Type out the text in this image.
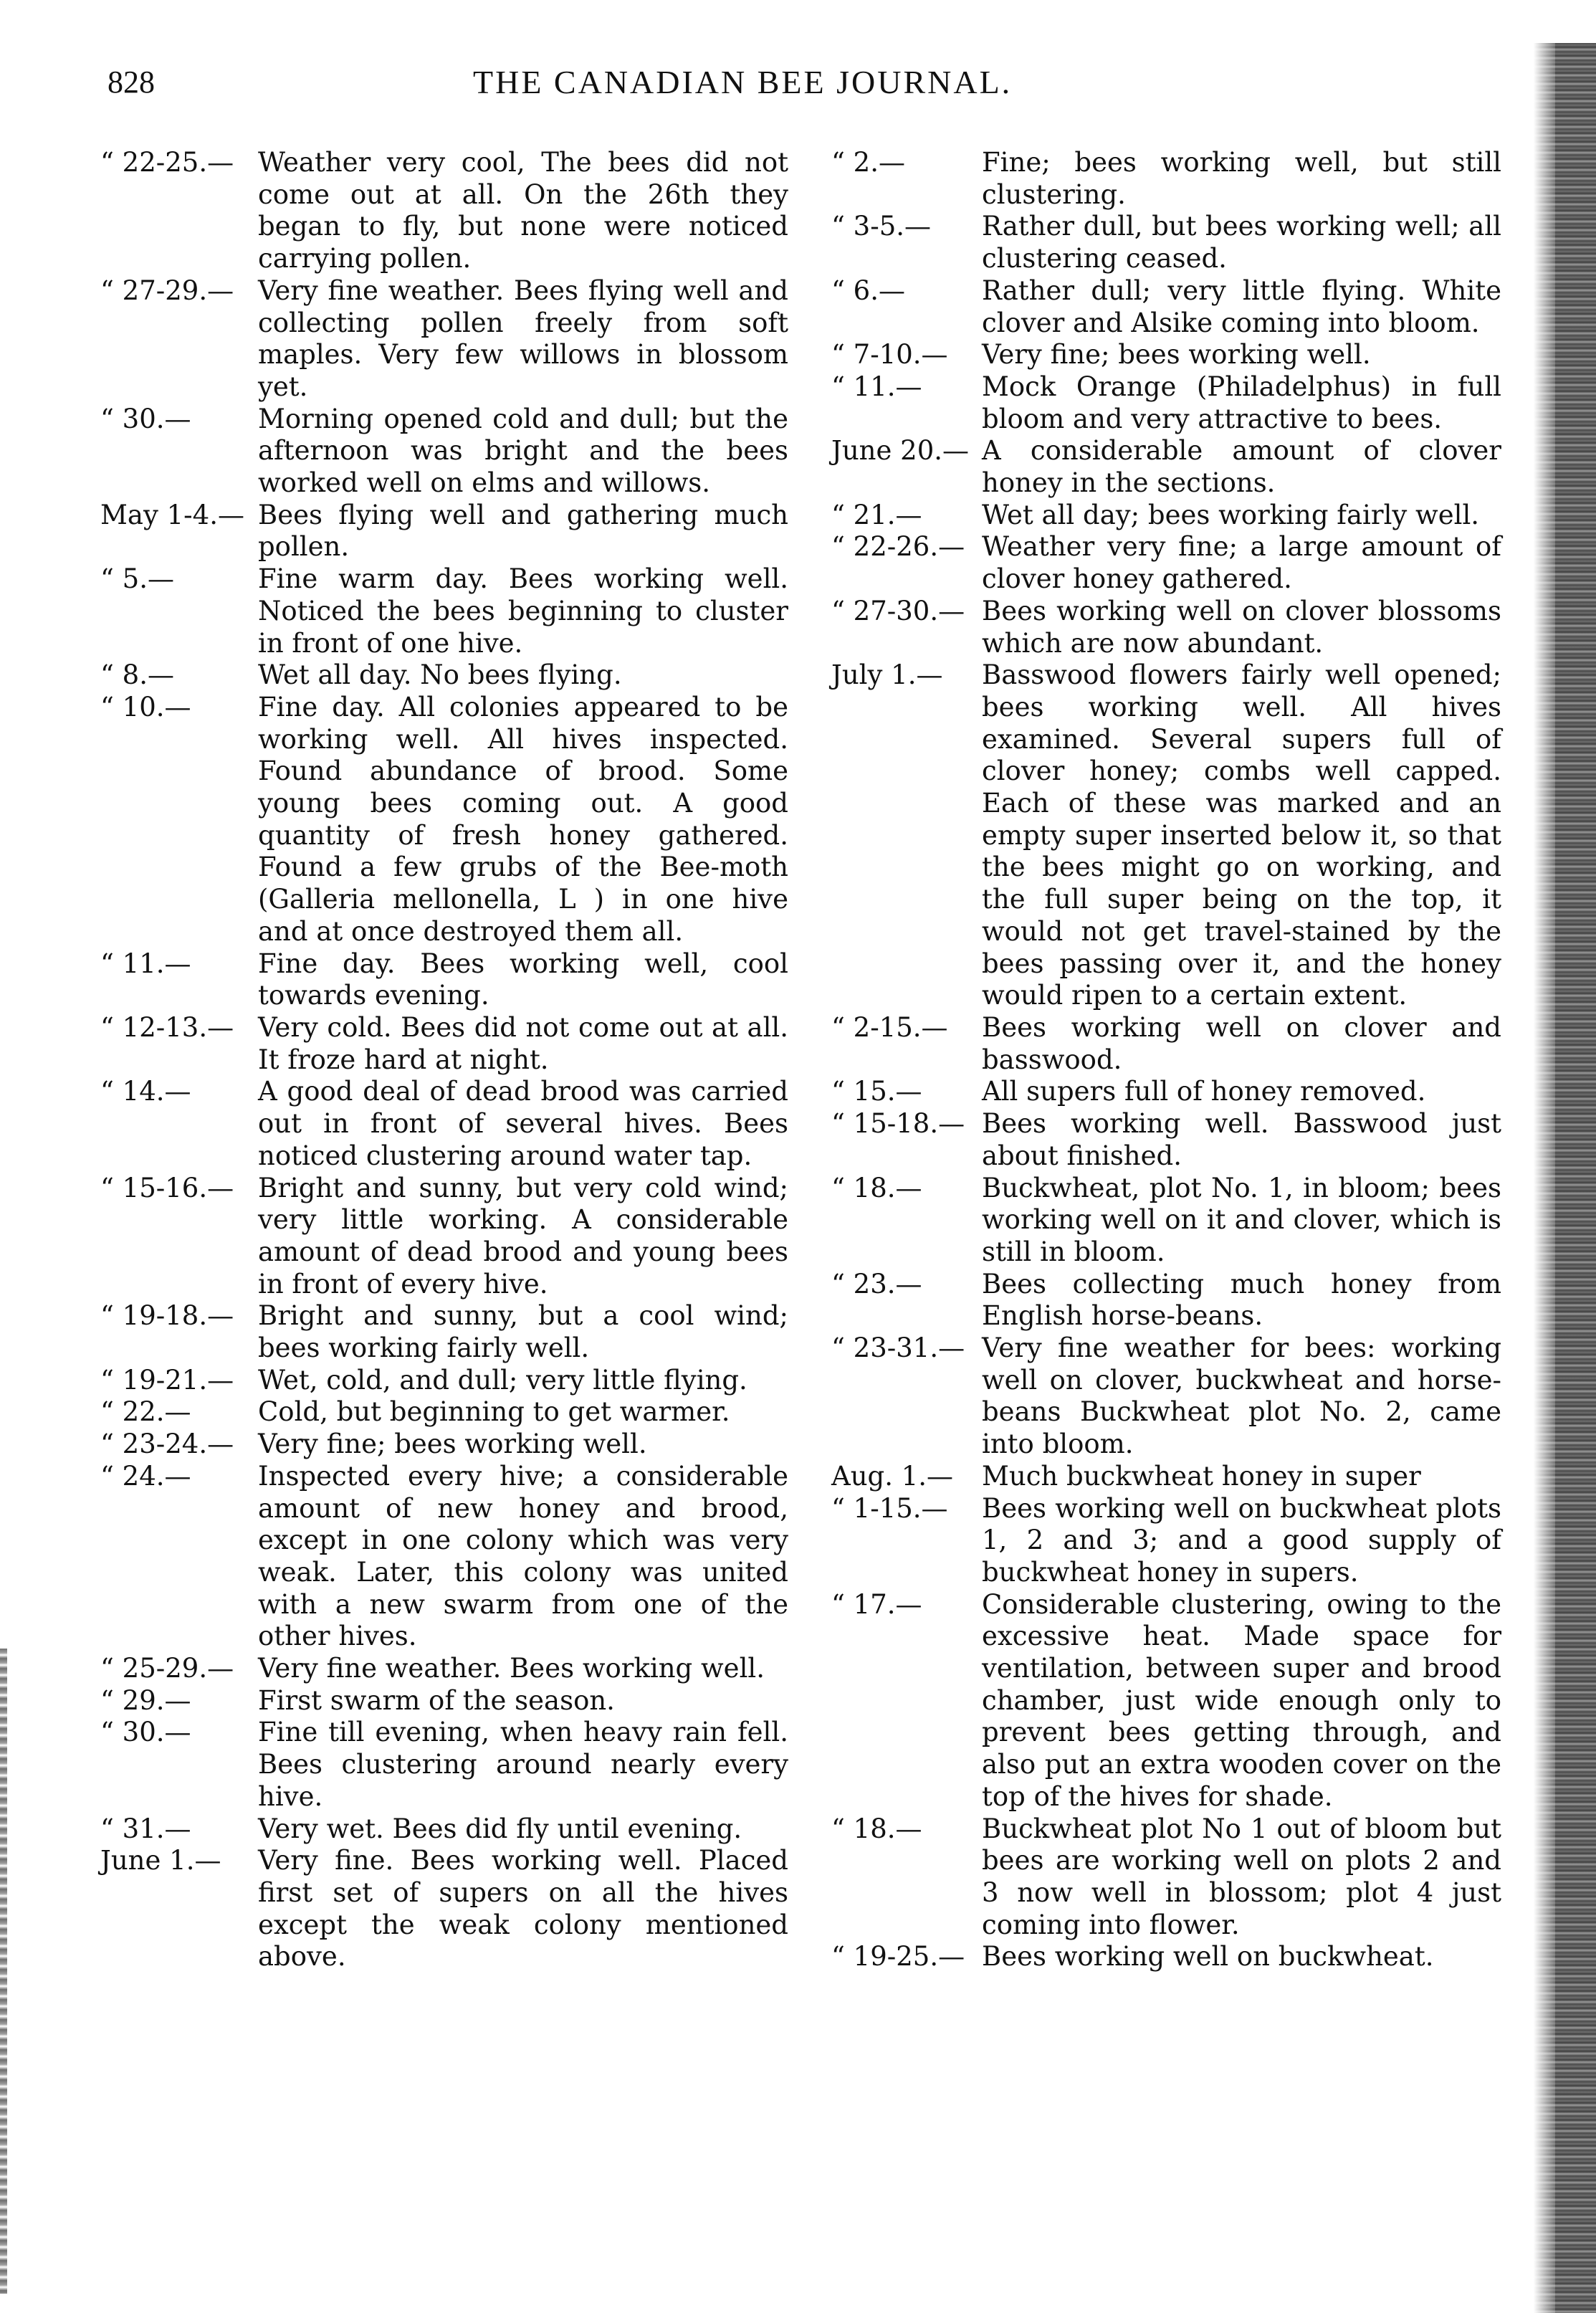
828	THE CANADIAN BEE JOURNAL.

“ 22-25.— Weather very cool, The bees did not come out at all. On the 26th they began to fly, but none were noticed carrying pollen.

“ 27-29.— Very fine weather. Bees flying well and collecting pollen freely from soft maples. Very few willows in blossom yet.

“ 30.—	Morning opened cold and dull; but the afternoon was bright and the bees worked well on elms and willows.

May 1-4.— Bees flying well and gathering much pollen.

“ 5.—	Fine warm day. Bees working well. Noticed the bees beginning to cluster in front of one hive.

“ 8.—	Wet all day. No bees flying.

“ 10.—	Fine day. All colonies appeared to be working well. All hives inspected. Found abundance of brood. Some young bees coming out. A good quantity of fresh honey gathered. Found a few grubs of the Bee-moth (Galleria mellonella, L ) in one hive and at once destroyed them all.

“ 11.—	Fine day. Bees working well, cool towards evening.

“ 12-13.— Very cold. Bees did not come out at all. It froze hard at night.

“ 14.—	A good deal of dead brood was carried out in front of several hives. Bees noticed clustering around water tap.

“ 15-16.— Bright and sunny, but very cold wind; very little working. A considerable amount of dead brood and young bees in front of every hive.

“ 19-18.— Bright and sunny, but a cool wind; bees working fairly well.

“ 19-21.— Wet, cold, and dull; very little flying.

“ 22.—	Cold, but beginning to get warmer.

“ 23-24.— Very fine; bees working well.

“ 24.—	Inspected every hive; a considerable amount of new honey and brood, except in one colony which was very weak. Later, this colony was united with a new swarm from one of the other hives.

“ 25-29.— Very fine weather. Bees working well.

“ 29.—	First swarm of the season.

“ 30.—	Fine till evening, when heavy rain fell. Bees clustering around nearly every hive.

“ 31.—	Very wet. Bees did fly until evening.

June 1.—	Very fine. Bees working well. Placed first set of supers on all the hives except the weak colony mentioned above.

“ 2.—	Fine; bees working well, but still clustering.

“ 3-5.—	Rather dull, but bees working well; all clustering ceased.

“ 6.—	Rather dull; very little flying. White clover and Alsike coming into bloom.

“ 7-10.—	Very fine; bees working well.

“ 11.—	Mock Orange (Philadelphus) in full bloom and very attractive to bees.

June 20.— A considerable amount of clover honey in the sections.

“ 21.—	Wet all day; bees working fairly well.

“ 22-26.— Weather very fine; a large amount of clover honey gathered.

“ 27-30.— Bees working well on clover blossoms which are now abundant.

July 1.—	Basswood flowers fairly well opened; bees working well. All hives examined. Several supers full of clover honey; combs well capped. Each of these was marked and an empty super inserted below it, so that the bees might go on working, and the full super being on the top, it would not get travel-stained by the bees passing over it, and the honey would ripen to a certain extent.

“ 2-15.—	Bees working well on clover and basswood.

“ 15.—	All supers full of honey removed.

“ 15-18.— Bees working well. Basswood just about finished.

“ 18.—	Buckwheat, plot No. 1, in bloom; bees working well on it and clover, which is still in bloom.

“ 23.—	Bees collecting much honey from English horse-beans.

“ 23-31.— Very fine weather for bees: working well on clover, buckwheat and horse-beans Buckwheat plot No. 2, came into bloom.

Aug. 1.—	Much buckwheat honey in super

“ 1-15.—	Bees working well on buckwheat plots 1, 2 and 3; and a good supply of buckwheat honey in supers.

“ 17.—	Considerable clustering, owing to the excessive heat. Made space for ventilation, between super and brood chamber, just wide enough only to prevent bees getting through, and also put an extra wooden cover on the top of the hives for shade.

“ 18.—	Buckwheat plot No 1 out of bloom but bees are working well on plots 2 and 3 now well in blossom; plot 4 just coming into flower.

“ 19-25.— Bees working well on buckwheat.
